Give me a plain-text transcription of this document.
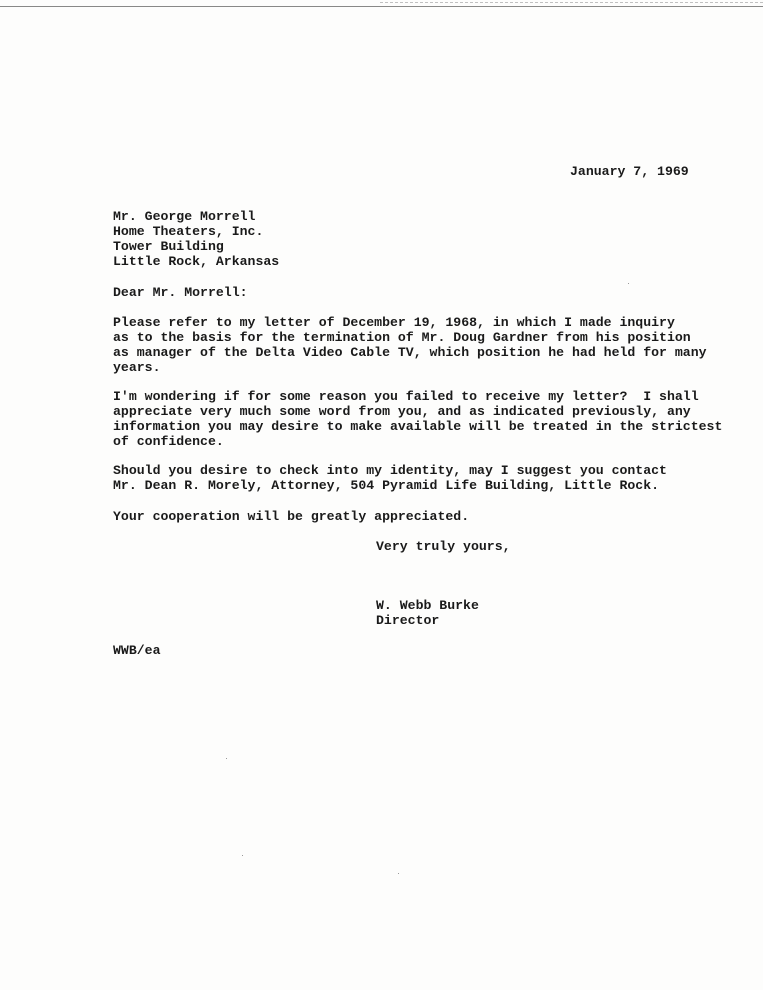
January 7, 1969
Mr. George Morrell
Home Theaters, Inc.
Tower Building
Little Rock, Arkansas
Dear Mr. Morrell:
Please refer to my letter of December 19, 1968, in which I made inquiry
as to the basis for the termination of Mr. Doug Gardner from his position
as manager of the Delta Video Cable TV, which position he had held for many
years.
I'm wondering if for some reason you failed to receive my letter?  I shall
appreciate very much some word from you, and as indicated previously, any
information you may desire to make available will be treated in the strictest
of confidence.
Should you desire to check into my identity, may I suggest you contact
Mr. Dean R. Morely, Attorney, 504 Pyramid Life Building, Little Rock.
Your cooperation will be greatly appreciated.
Very truly yours,
W. Webb Burke
Director
WWB/ea
